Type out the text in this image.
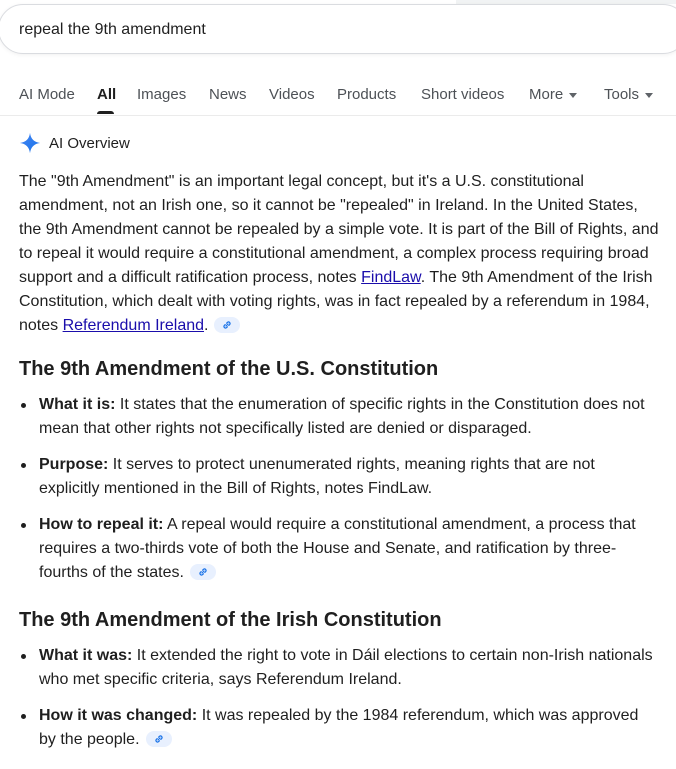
repeal the 9th amendment
AI Mode All Images News Videos Products Short videos More	Tools
AI Overview

The "9th Amendment" is an important legal concept, but it's a U.S. constitutional amendment, not an Irish one, so it cannot be "repealed" in Ireland. In the United States, the 9th Amendment cannot be repealed by a simple vote. It is part of the Bill of Rights, and to repeal it would require a constitutional amendment, a complex process requiring broad support and a difficult ratification process, notes FindLaw. The 9th Amendment of the Irish Constitution, which dealt with voting rights, was in fact repealed by a referendum in 1984, notes Referendum Ireland.

The 9th Amendment of the U.S. Constitution
What it is: It states that the enumeration of specific rights in the Constitution does not mean that other rights not specifically listed are denied or disparaged.
Purpose: It serves to protect unenumerated rights, meaning rights that are not explicitly mentioned in the Bill of Rights, notes FindLaw.
How to repeal it: A repeal would require a constitutional amendment, a process that requires a two-thirds vote of both the House and Senate, and ratification by three-fourths of the states.
The 9th Amendment of the Irish Constitution
What it was: It extended the right to vote in Dáil elections to certain non-Irish nationals who met specific criteria, says Referendum Ireland.
How it was changed: It was repealed by the 1984 referendum, which was approved by the people.
